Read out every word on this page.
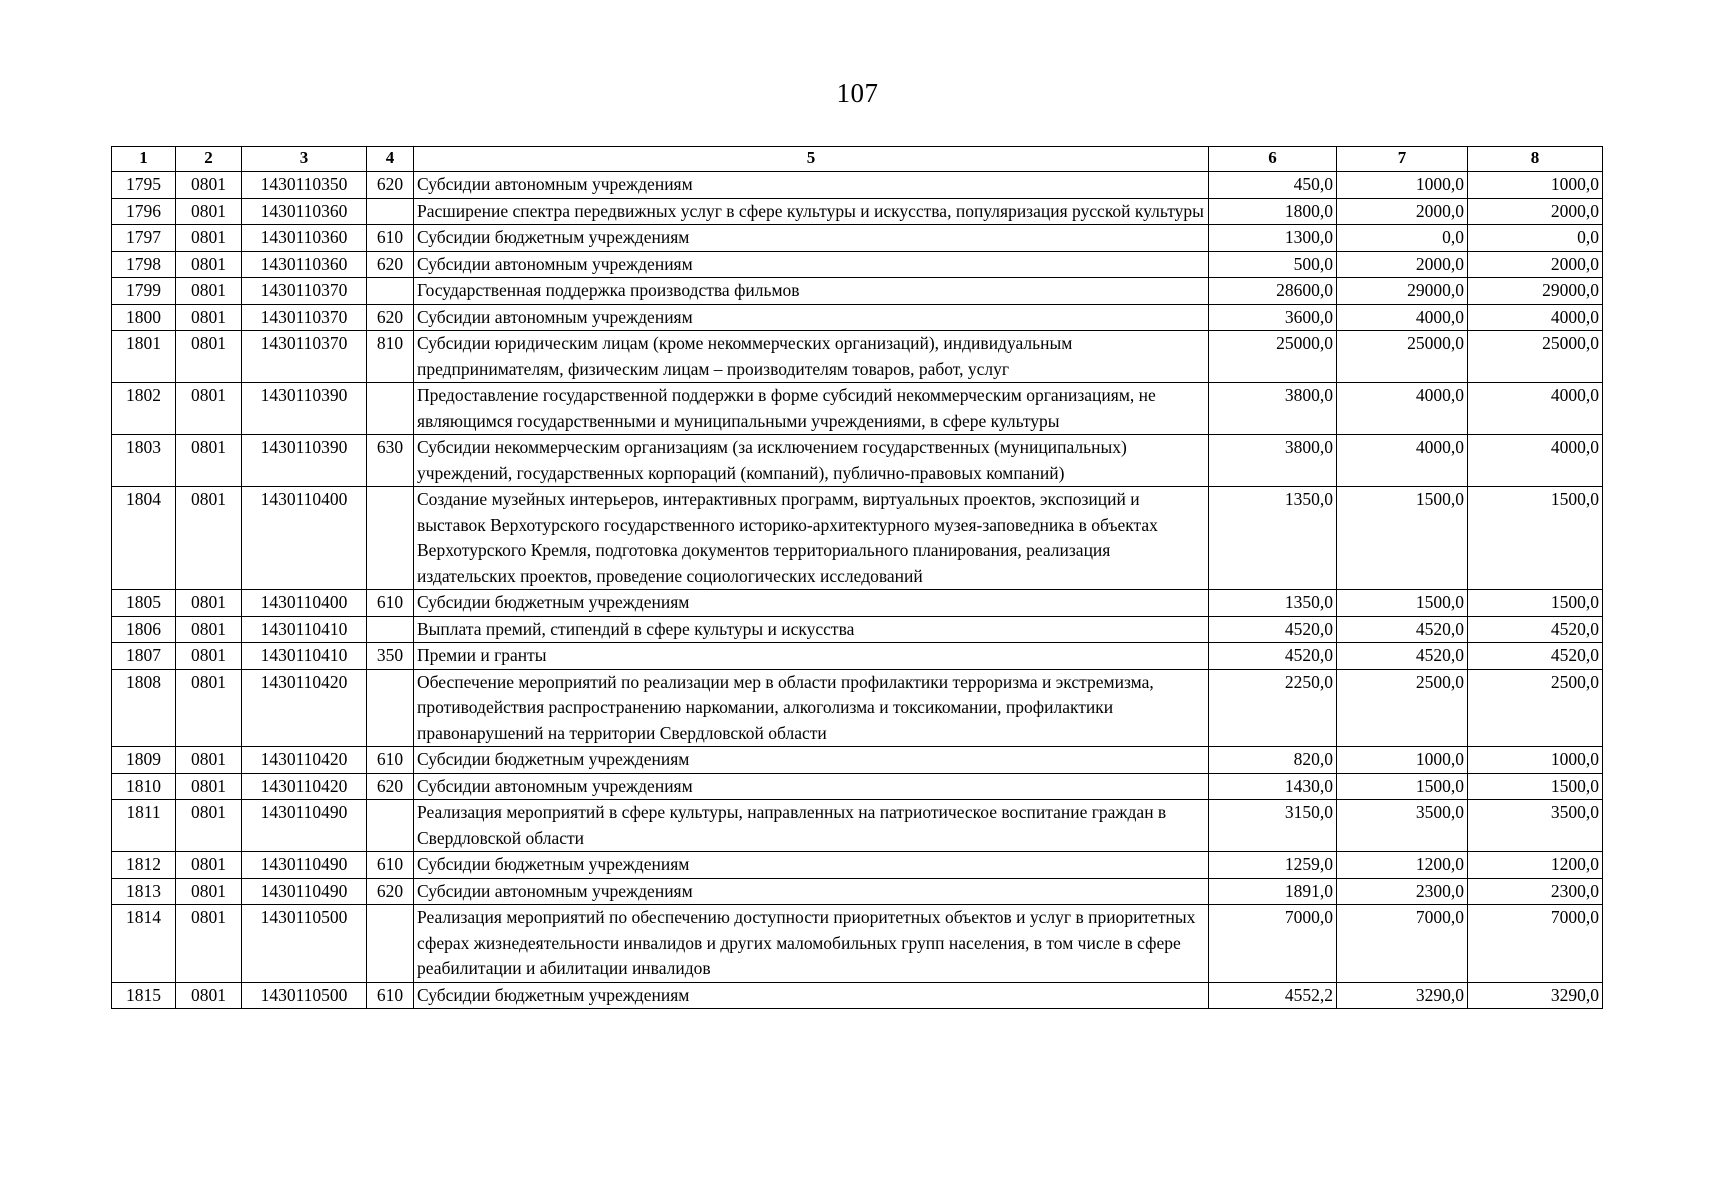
107
1	2	3	4	5	6	7	8
1795	0801	1430110350	620	Субсидии автономным учреждениям	450,0	1000,0	1000,0
1796	0801	1430110360		Расширение спектра передвижных услуг в сфере культуры и искусства, популяризация русской культуры	1800,0	2000,0	2000,0
1797	0801	1430110360	610	Субсидии бюджетным учреждениям	1300,0	0,0	0,0
1798	0801	1430110360	620	Субсидии автономным учреждениям	500,0	2000,0	2000,0
1799	0801	1430110370		Государственная поддержка производства фильмов	28600,0	29000,0	29000,0
1800	0801	1430110370	620	Субсидии автономным учреждениям	3600,0	4000,0	4000,0
1801	0801	1430110370	810	Субсидии юридическим лицам (кроме некоммерческих организаций), индивидуальным предпринимателям, физическим лицам – производителям товаров, работ, услуг	25000,0	25000,0	25000,0
1802	0801	1430110390		Предоставление государственной поддержки в форме субсидий некоммерческим организациям, не являющимся государственными и муниципальными учреждениями, в сфере культуры	3800,0	4000,0	4000,0
1803	0801	1430110390	630	Субсидии некоммерческим организациям (за исключением государственных (муниципальных) учреждений, государственных корпораций (компаний), публично-правовых компаний)	3800,0	4000,0	4000,0
1804	0801	1430110400		Создание музейных интерьеров, интерактивных программ, виртуальных проектов, экспозиций и выставок Верхотурского государственного историко-архитектурного музея-заповедника в объектах Верхотурского Кремля, подготовка документов территориального планирования, реализация издательских проектов, проведение социологических исследований	1350,0	1500,0	1500,0
1805	0801	1430110400	610	Субсидии бюджетным учреждениям	1350,0	1500,0	1500,0
1806	0801	1430110410		Выплата премий, стипендий в сфере культуры и искусства	4520,0	4520,0	4520,0
1807	0801	1430110410	350	Премии и гранты	4520,0	4520,0	4520,0
1808	0801	1430110420		Обеспечение мероприятий по реализации мер в области профилактики терроризма и экстремизма, противодействия распространению наркомании, алкоголизма и токсикомании, профилактики правонарушений на территории Свердловской области	2250,0	2500,0	2500,0
1809	0801	1430110420	610	Субсидии бюджетным учреждениям	820,0	1000,0	1000,0
1810	0801	1430110420	620	Субсидии автономным учреждениям	1430,0	1500,0	1500,0
1811	0801	1430110490		Реализация мероприятий в сфере культуры, направленных на патриотическое воспитание граждан в Свердловской области	3150,0	3500,0	3500,0
1812	0801	1430110490	610	Субсидии бюджетным учреждениям	1259,0	1200,0	1200,0
1813	0801	1430110490	620	Субсидии автономным учреждениям	1891,0	2300,0	2300,0
1814	0801	1430110500		Реализация мероприятий по обеспечению доступности приоритетных объектов и услуг в приоритетных сферах жизнедеятельности инвалидов и других маломобильных групп населения, в том числе в сфере реабилитации и абилитации инвалидов	7000,0	7000,0	7000,0
1815	0801	1430110500	610	Субсидии бюджетным учреждениям	4552,2	3290,0	3290,0
